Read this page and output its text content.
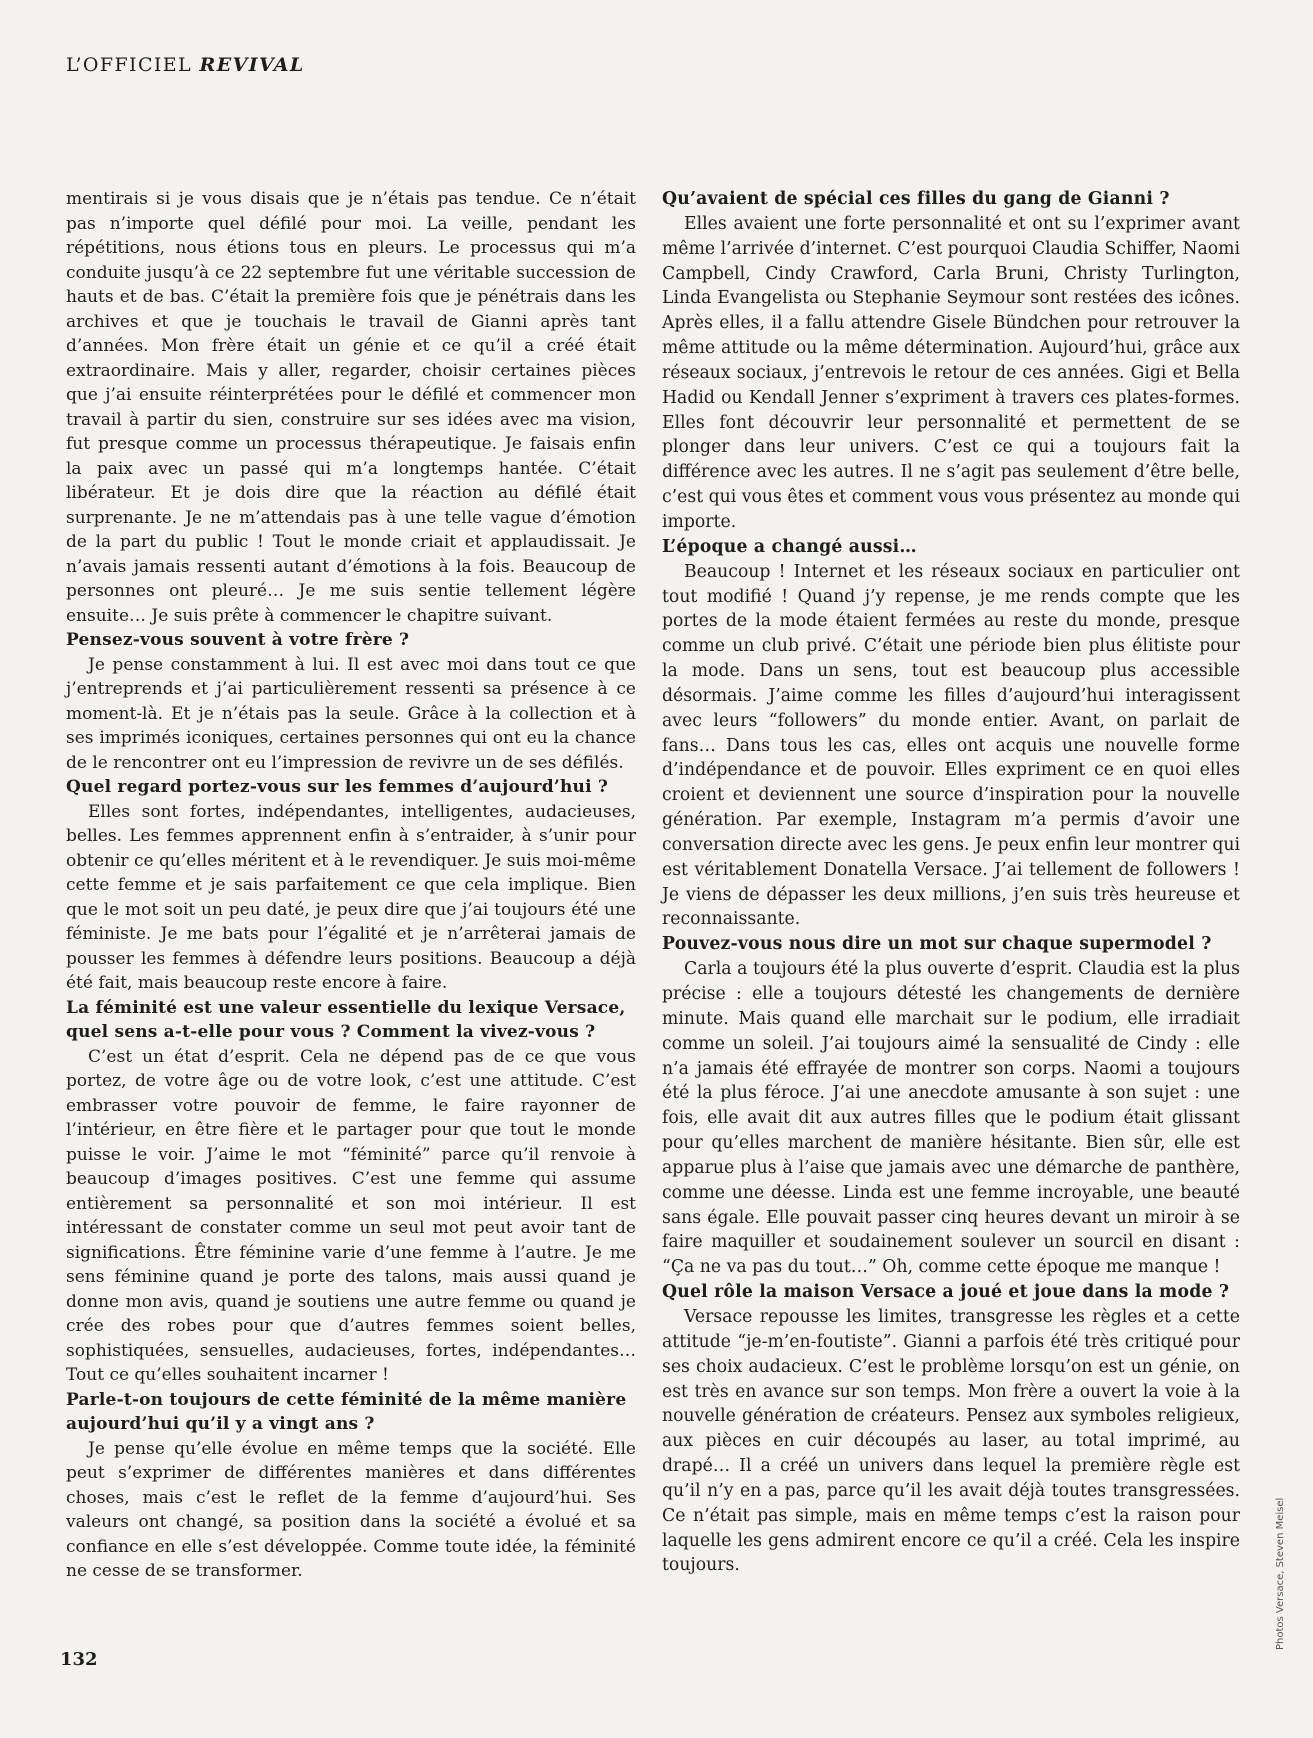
L’OFFICIEL REVIVAL

mentirais si je vous disais que je n’étais pas tendue. Ce n’était pas n’importe quel défilé pour moi. La veille, pendant les répétitions, nous étions tous en pleurs. Le processus qui m’a conduite jusqu’à ce 22 septembre fut une véritable succession de hauts et de bas. C’était la première fois que je pénétrais dans les archives et que je touchais le travail de Gianni après tant d’années. Mon frère était un génie et ce qu’il a créé était extraordinaire. Mais y aller, regarder, choisir certaines pièces que j’ai ensuite réinterprétées pour le défilé et commencer mon travail à partir du sien, construire sur ses idées avec ma vision, fut presque comme un processus thérapeutique. Je faisais enfin la paix avec un passé qui m’a longtemps hantée. C’était libérateur. Et je dois dire que la réaction au défilé était surprenante. Je ne m’attendais pas à une telle vague d’émotion de la part du public ! Tout le monde criait et applaudissait. Je n’avais jamais ressenti autant d’émotions à la fois. Beaucoup de personnes ont pleuré… Je me suis sentie tellement légère ensuite… Je suis prête à commencer le chapitre suivant.

Pensez-vous souvent à votre frère ?

Je pense constamment à lui. Il est avec moi dans tout ce que j’entreprends et j’ai particulièrement ressenti sa présence à ce moment-là. Et je n’étais pas la seule. Grâce à la collection et à ses imprimés iconiques, certaines personnes qui ont eu la chance de le rencontrer ont eu l’impression de revivre un de ses défilés.

Quel regard portez-vous sur les femmes d’aujourd’hui ?

Elles sont fortes, indépendantes, intelligentes, audacieuses, belles. Les femmes apprennent enfin à s’entraider, à s’unir pour obtenir ce qu’elles méritent et à le revendiquer. Je suis moi-même cette femme et je sais parfaitement ce que cela implique. Bien que le mot soit un peu daté, je peux dire que j’ai toujours été une féministe. Je me bats pour l’égalité et je n’arrêterai jamais de pousser les femmes à défendre leurs positions. Beaucoup a déjà été fait, mais beaucoup reste encore à faire.

La féminité est une valeur essentielle du lexique Versace, quel sens a-t-elle pour vous ? Comment la vivez-vous ?

C’est un état d’esprit. Cela ne dépend pas de ce que vous portez, de votre âge ou de votre look, c’est une attitude. C’est embrasser votre pouvoir de femme, le faire rayonner de l’intérieur, en être fière et le partager pour que tout le monde puisse le voir. J’aime le mot “féminité” parce qu’il renvoie à beaucoup d’images positives. C’est une femme qui assume entièrement sa personnalité et son moi intérieur. Il est intéressant de constater comme un seul mot peut avoir tant de significations. Être féminine varie d’une femme à l’autre. Je me sens féminine quand je porte des talons, mais aussi quand je donne mon avis, quand je soutiens une autre femme ou quand je crée des robes pour que d’autres femmes soient belles, sophistiquées, sensuelles, audacieuses, fortes, indépendantes… Tout ce qu’elles souhaitent incarner !

Parle-t-on toujours de cette féminité de la même manière aujourd’hui qu’il y a vingt ans ?

Je pense qu’elle évolue en même temps que la société. Elle peut s’exprimer de différentes manières et dans différentes choses, mais c’est le reflet de la femme d’aujourd’hui. Ses valeurs ont changé, sa position dans la société a évolué et sa confiance en elle s’est développée. Comme toute idée, la féminité ne cesse de se transformer.

Qu’avaient de spécial ces filles du gang de Gianni ?

Elles avaient une forte personnalité et ont su l’exprimer avant même l’arrivée d’internet. C’est pourquoi Claudia Schiffer, Naomi Campbell, Cindy Crawford, Carla Bruni, Christy Turlington, Linda Evangelista ou Stephanie Seymour sont restées des icônes. Après elles, il a fallu attendre Gisele Bündchen pour retrouver la même attitude ou la même détermination. Aujourd’hui, grâce aux réseaux sociaux, j’entrevois le retour de ces années. Gigi et Bella Hadid ou Kendall Jenner s’expriment à travers ces plates-formes. Elles font découvrir leur personnalité et permettent de se plonger dans leur univers. C’est ce qui a toujours fait la différence avec les autres. Il ne s’agit pas seulement d’être belle, c’est qui vous êtes et comment vous vous présentez au monde qui importe.

L’époque a changé aussi…

Beaucoup ! Internet et les réseaux sociaux en particulier ont tout modifié ! Quand j’y repense, je me rends compte que les portes de la mode étaient fermées au reste du monde, presque comme un club privé. C’était une période bien plus élitiste pour la mode. Dans un sens, tout est beaucoup plus accessible désormais. J’aime comme les filles d’aujourd’hui interagissent avec leurs “followers” du monde entier. Avant, on parlait de fans… Dans tous les cas, elles ont acquis une nouvelle forme d’indépendance et de pouvoir. Elles expriment ce en quoi elles croient et deviennent une source d’inspiration pour la nouvelle génération. Par exemple, Instagram m’a permis d’avoir une conversation directe avec les gens. Je peux enfin leur montrer qui est véritablement Donatella Versace. J’ai tellement de followers ! Je viens de dépasser les deux millions, j’en suis très heureuse et reconnaissante.

Pouvez-vous nous dire un mot sur chaque supermodel ?

Carla a toujours été la plus ouverte d’esprit. Claudia est la plus précise : elle a toujours détesté les changements de dernière minute. Mais quand elle marchait sur le podium, elle irradiait comme un soleil. J’ai toujours aimé la sensualité de Cindy : elle n’a jamais été effrayée de montrer son corps. Naomi a toujours été la plus féroce. J’ai une anecdote amusante à son sujet : une fois, elle avait dit aux autres filles que le podium était glissant pour qu’elles marchent de manière hésitante. Bien sûr, elle est apparue plus à l’aise que jamais avec une démarche de panthère, comme une déesse. Linda est une femme incroyable, une beauté sans égale. Elle pouvait passer cinq heures devant un miroir à se faire maquiller et soudainement soulever un sourcil en disant : “Ça ne va pas du tout…” Oh, comme cette époque me manque !

Quel rôle la maison Versace a joué et joue dans la mode ?

Versace repousse les limites, transgresse les règles et a cette attitude “je-m’en-foutiste”. Gianni a parfois été très critiqué pour ses choix audacieux. C’est le problème lorsqu’on est un génie, on est très en avance sur son temps. Mon frère a ouvert la voie à la nouvelle génération de créateurs. Pensez aux symboles religieux, aux pièces en cuir découpés au laser, au total imprimé, au drapé… Il a créé un univers dans lequel la première règle est qu’il n’y en a pas, parce qu’il les avait déjà toutes transgressées. Ce n’était pas simple, mais en même temps c’est la raison pour laquelle les gens admirent encore ce qu’il a créé. Cela les inspire toujours.

132
Photos Versace, Steven Meisel
